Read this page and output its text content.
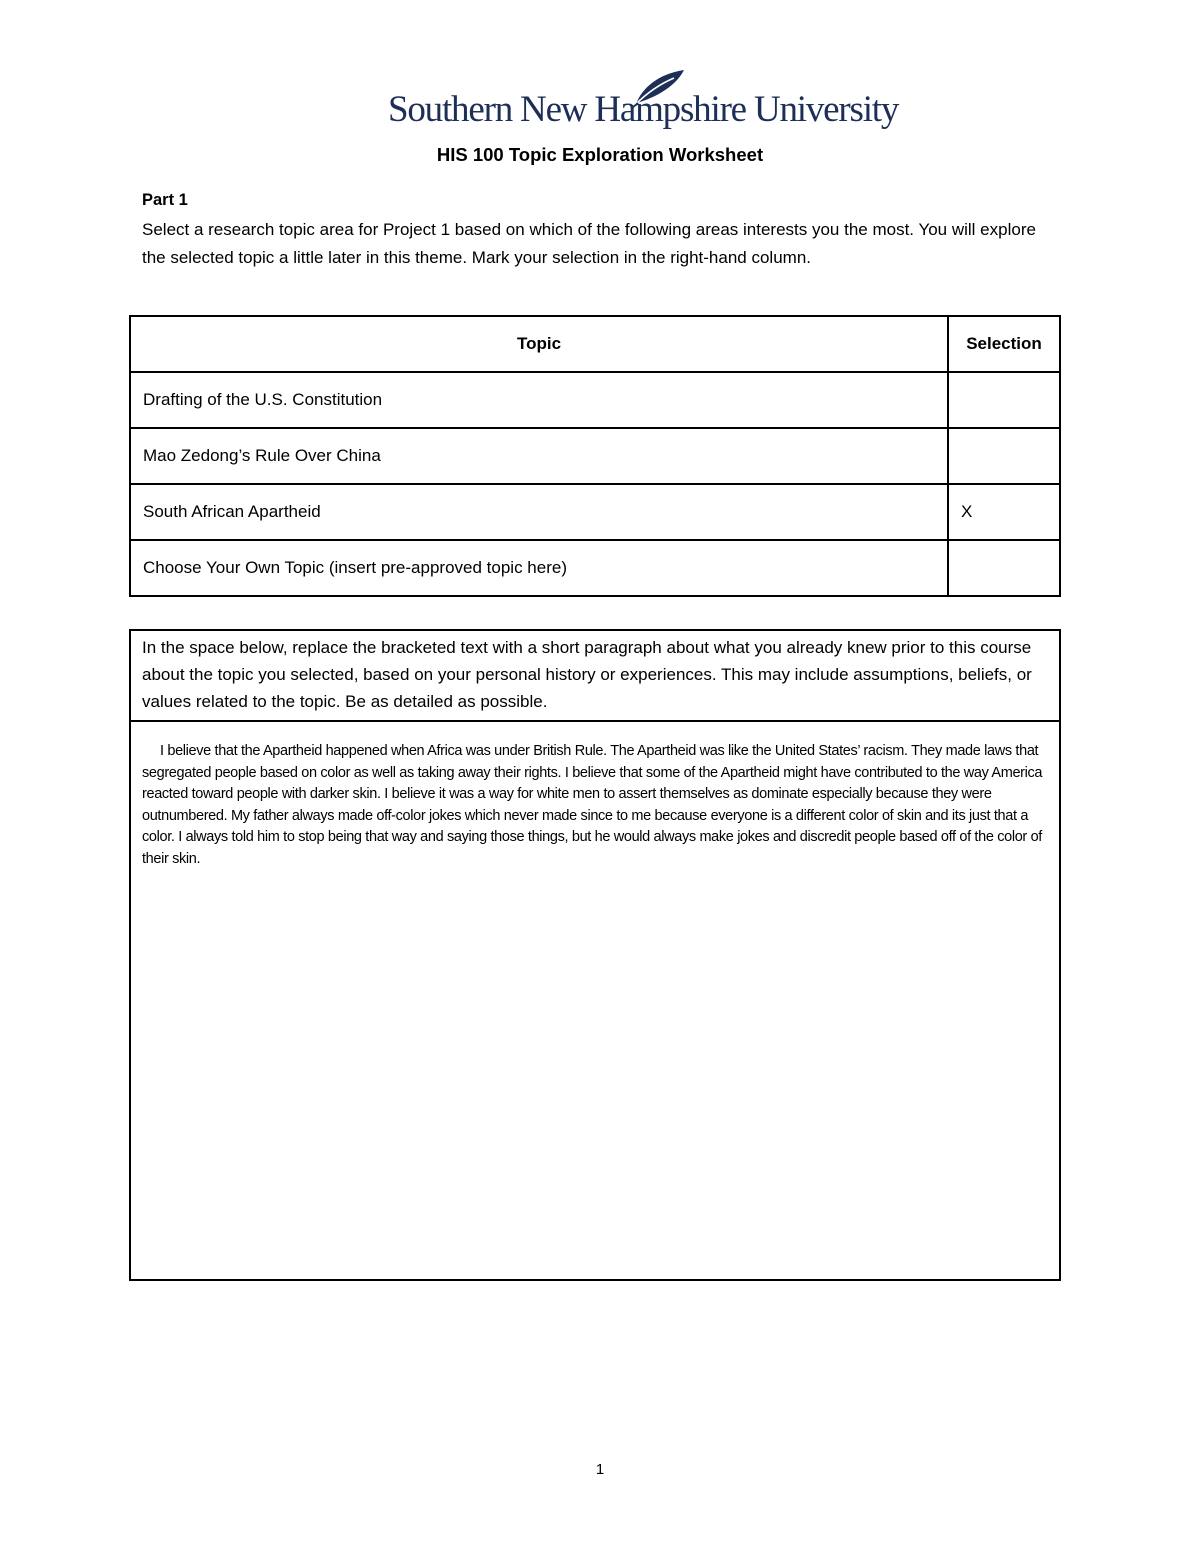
Southern New Hampshire University
HIS 100 Topic Exploration Worksheet
Part 1
Select a research topic area for Project 1 based on which of the following areas interests you the most. You will explore the selected topic a little later in this theme. Mark your selection in the right-hand column.
Topic	Selection
Drafting of the U.S. Constitution	
Mao Zedong’s Rule Over China	
South African Apartheid	X
Choose Your Own Topic (insert pre-approved topic here)	
In the space below, replace the bracketed text with a short paragraph about what you already knew prior to this course about the topic you selected, based on your personal history or experiences. This may include assumptions, beliefs, or values related to the topic. Be as detailed as possible.
I believe that the Apartheid happened when Africa was under British Rule. The Apartheid was like the United States’ racism. They made laws that segregated people based on color as well as taking away their rights. I believe that some of the Apartheid might have contributed to the way America reacted toward people with darker skin. I believe it was a way for white men to assert themselves as dominate especially because they were outnumbered. My father always made off-color jokes which never made since to me because everyone is a different color of skin and its just that a color. I always told him to stop being that way and saying those things, but he would always make jokes and discredit people based off of the color of their skin.
1
